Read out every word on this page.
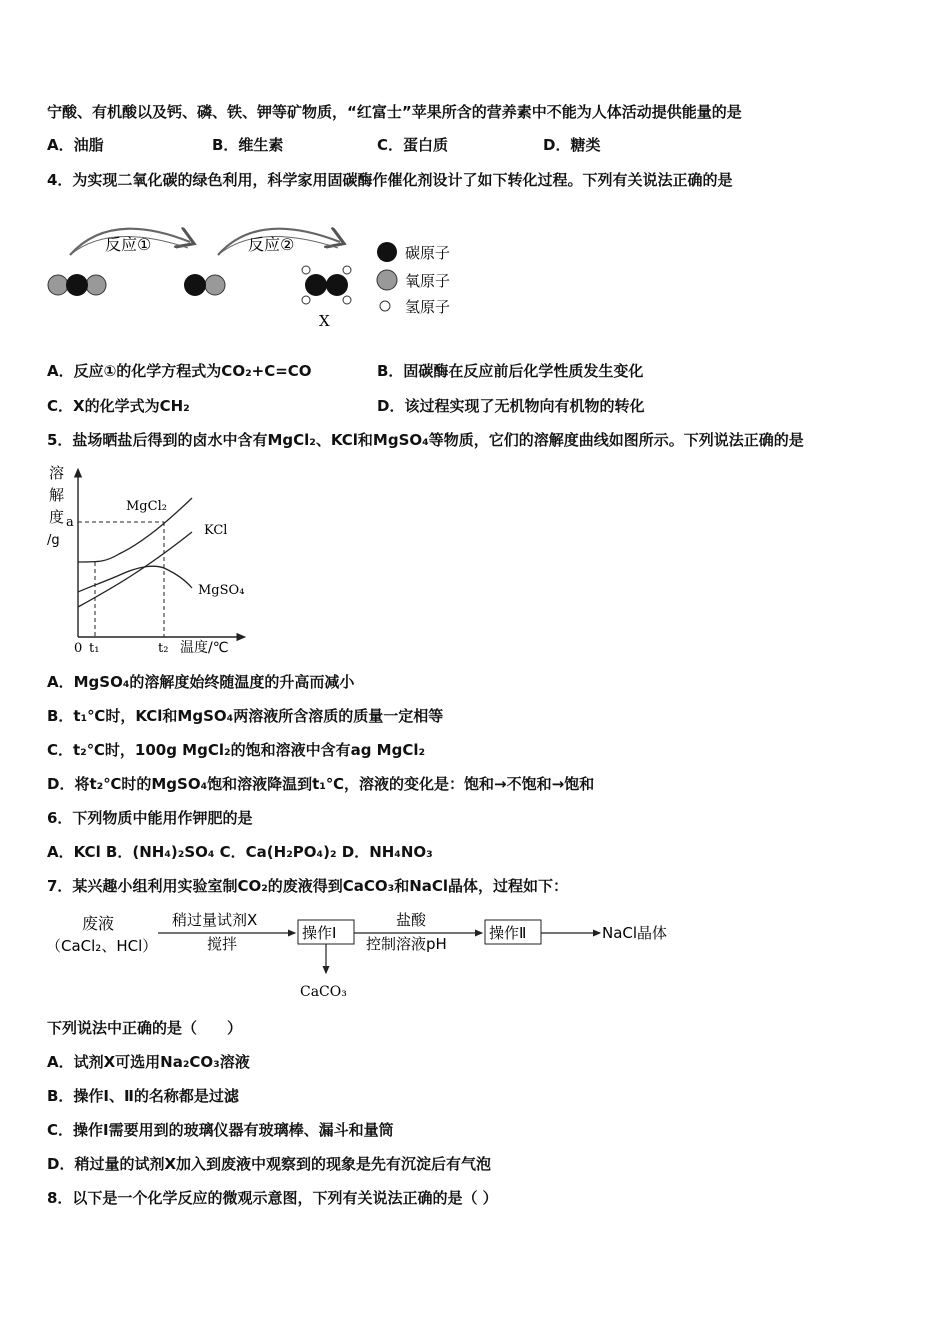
宁酸、有机酸以及钙、磷、铁、钾等矿物质，“红富士”苹果所含的营养素中不能为人体活动提供能量的是
A．油脂	B．维生素	C．蛋白质	D．糖类
4．为实现二氧化碳的绿色利用，科学家用固碳酶作催化剂设计了如下转化过程。下列有关说法正确的是
反应①	反应②
X
碳原子
氧原子
氢原子
A．反应①的化学方程式为CO₂+C=CO	B．固碳酶在反应前后化学性质发生变化
C．X的化学式为CH₂	D．该过程实现了无机物向有机物的转化
5．盐场晒盐后得到的卤水中含有MgCl₂、KCl和MgSO₄等物质，它们的溶解度曲线如图所示。下列说法正确的是
溶
解
度
/g
MgCl₂
KCl
MgSO₄
a
0 t₁	t₂ 温度/℃
A．MgSO₄的溶解度始终随温度的升高而减小
B．t₁℃时，KCl和MgSO₄两溶液所含溶质的质量一定相等
C．t₂℃时，100g MgCl₂的饱和溶液中含有ag MgCl₂
D．将t₂℃时的MgSO₄饱和溶液降温到t₁℃，溶液的变化是：饱和→不饱和→饱和
6．下列物质中能用作钾肥的是
A．KCl B．(NH₄)₂SO₄ C．Ca(H₂PO₄)₂ D．NH₄NO₃
7．某兴趣小组利用实验室制CO₂的废液得到CaCO₃和NaCl晶体，过程如下：
废液
（CaCl₂、HCl）
稍过量试剂X
搅拌
操作Ⅰ
盐酸
控制溶液pH
操作Ⅱ	NaCl晶体
CaCO₃
下列说法中正确的是（　　）
A．试剂X可选用Na₂CO₃溶液
B．操作Ⅰ、Ⅱ的名称都是过滤
C．操作I需要用到的玻璃仪器有玻璃棒、漏斗和量筒
D．稍过量的试剂X加入到废液中观察到的现象是先有沉淀后有气泡
8．以下是一个化学反应的微观示意图，下列有关说法正确的是（ ）
